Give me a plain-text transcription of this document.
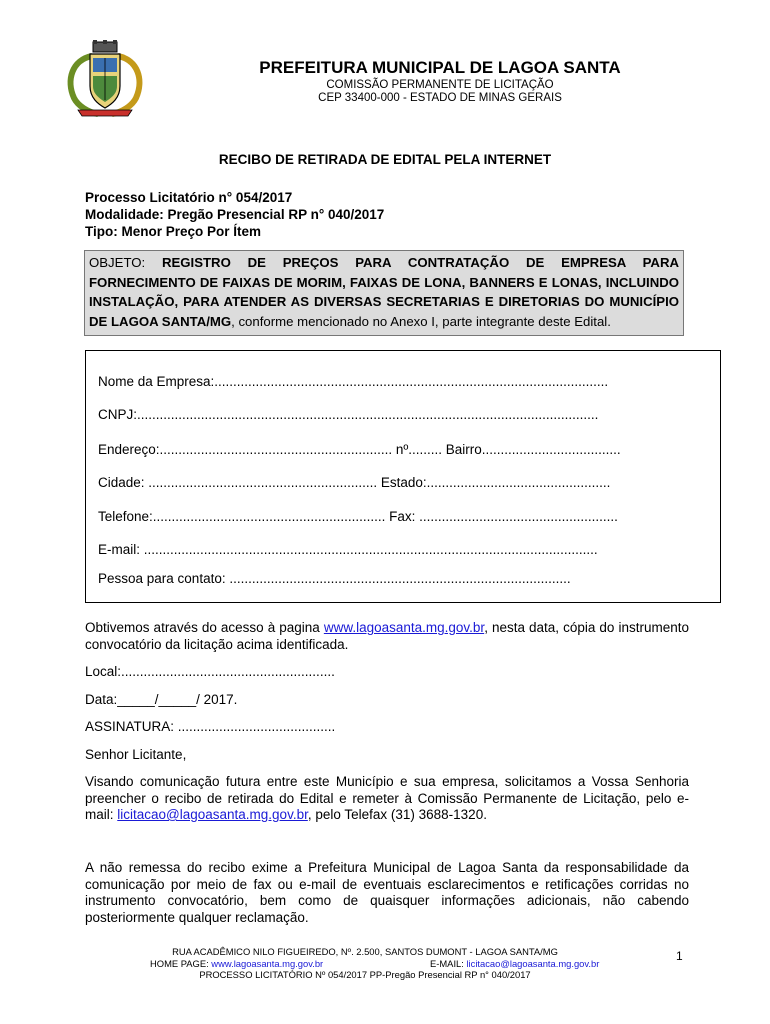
PREFEITURA MUNICIPAL DE LAGOA SANTA
COMISSÃO PERMANENTE DE LICITAÇÃO
CEP 33400-000 - ESTADO DE MINAS GERAIS
RECIBO DE RETIRADA DE EDITAL PELA INTERNET
Processo Licitatório n° 054/2017
Modalidade: Pregão Presencial RP n° 040/2017
Tipo: Menor Preço Por Ítem
OBJETO: REGISTRO DE PREÇOS PARA CONTRATAÇÃO DE EMPRESA PARA FORNECIMENTO DE FAIXAS DE MORIM, FAIXAS DE LONA, BANNERS E LONAS, INCLUINDO INSTALAÇÃO, PARA ATENDER AS DIVERSAS SECRETARIAS E DIRETORIAS DO MUNICÍPIO DE LAGOA SANTA/MG, conforme mencionado no Anexo I, parte integrante deste Edital.
Nome da Empresa:.........................................................................................................
CNPJ:...........................................................................................................................
Endereço:.............................................................. nº......... Bairro.....................................
Cidade: ............................................................. Estado:.................................................
Telefone:.............................................................. Fax: .....................................................
E-mail: .........................................................................................................................
Pessoa para contato: ...........................................................................................
Obtivemos através do acesso à pagina www.lagoasanta.mg.gov.br, nesta data, cópia do instrumento convocatório da licitação acima identificada.
Local:.........................................................
Data:_____/_____/ 2017.
ASSINATURA: ..........................................
Senhor Licitante,
Visando comunicação futura entre este Município e sua empresa, solicitamos a Vossa Senhoria preencher o recibo de retirada do Edital e remeter à Comissão Permanente de Licitação, pelo e-mail: licitacao@lagoasanta.mg.gov.br, pelo Telefax (31) 3688-1320.
A não remessa do recibo exime a Prefeitura Municipal de Lagoa Santa da responsabilidade da comunicação por meio de fax ou e-mail de eventuais esclarecimentos e retificações corridas no instrumento convocatório, bem como de quaisquer informações adicionais, não cabendo posteriormente qualquer reclamação.
RUA ACADÊMICO NILO FIGUEIREDO, Nº. 2.500, SANTOS DUMONT - LAGOA SANTA/MG
HOME PAGE: www.lagoasanta.mg.gov.br	E-MAIL: licitacao@lagoasanta.mg.gov.br
PROCESSO LICITATÓRIO Nº 054/2017 PP-Pregão Presencial RP n° 040/2017
1
